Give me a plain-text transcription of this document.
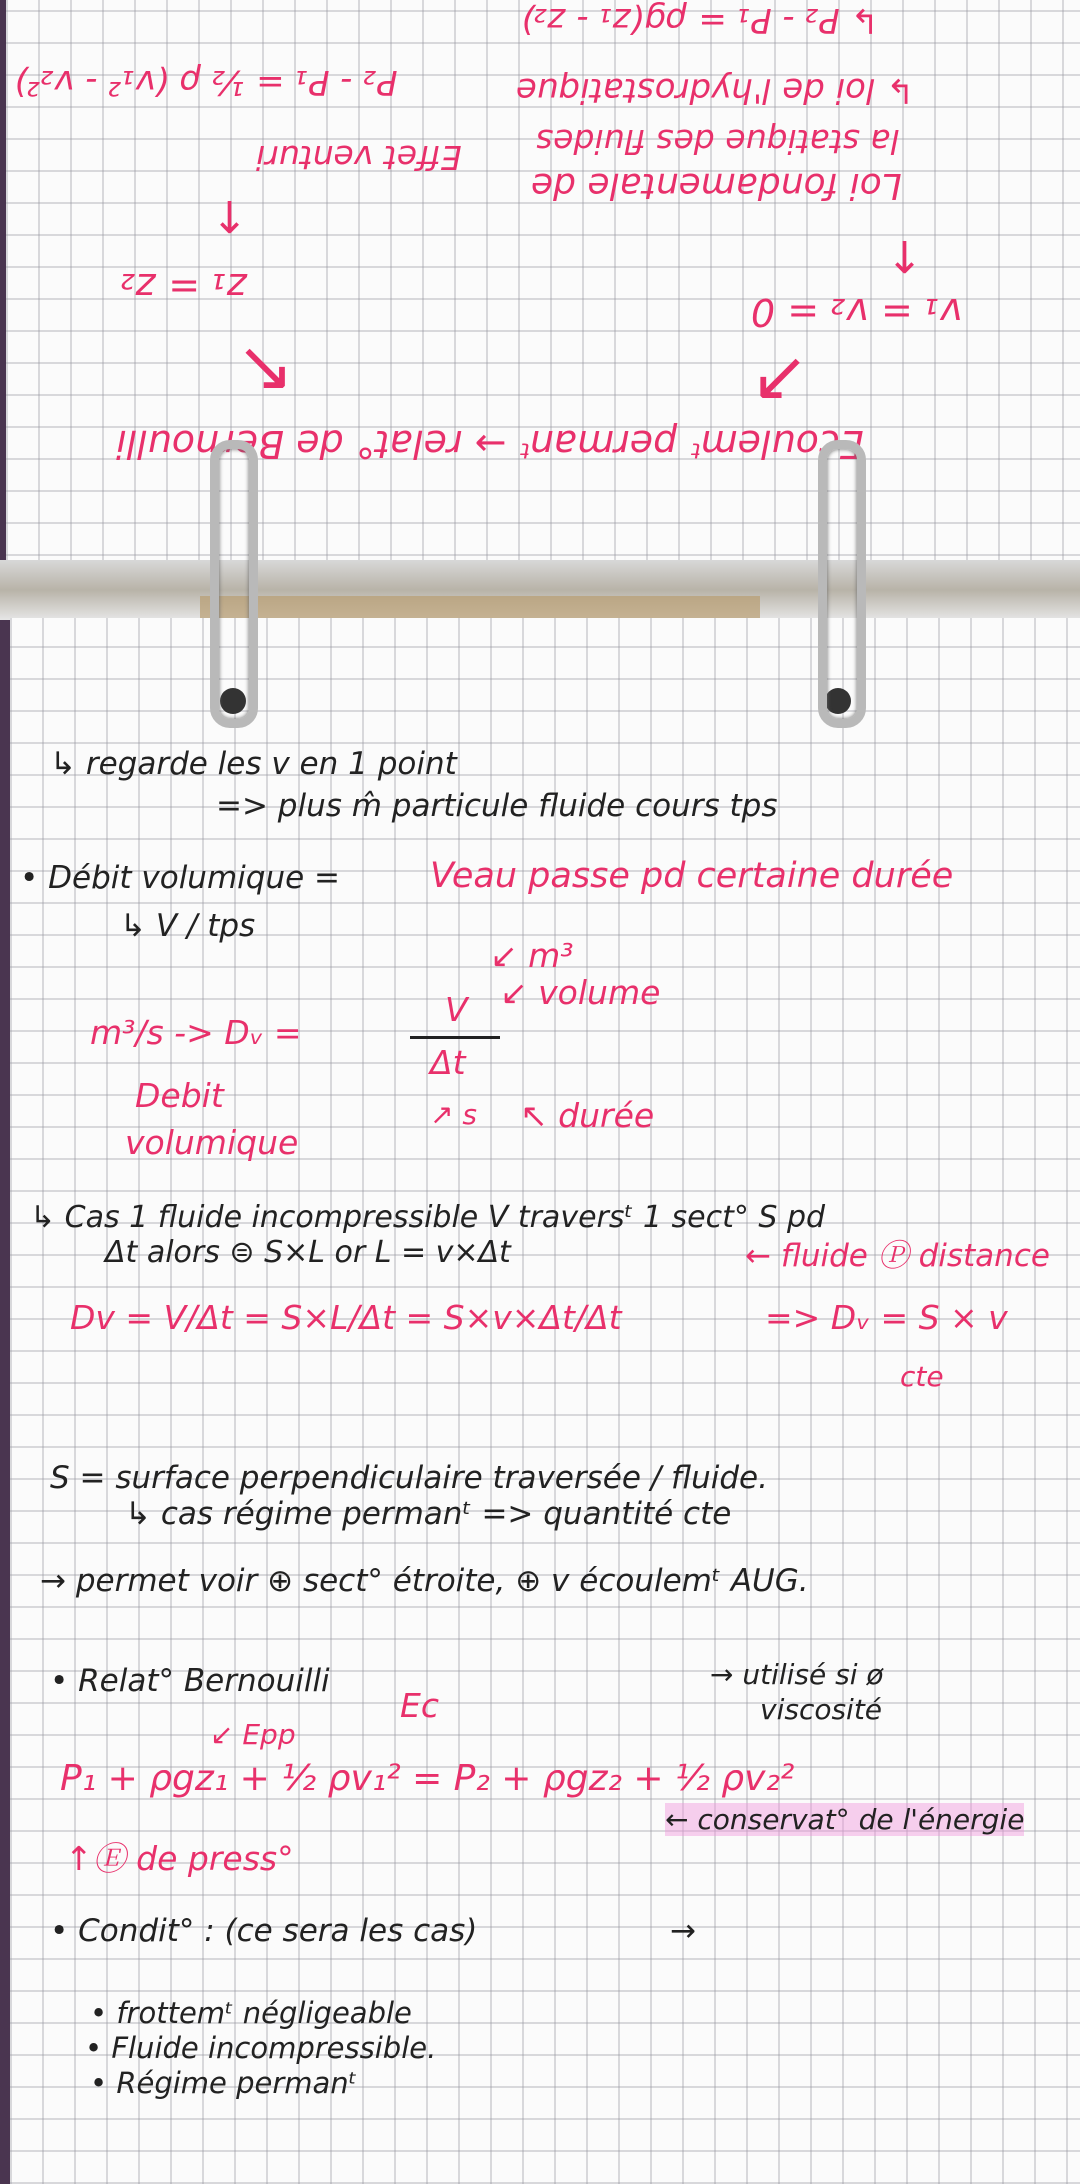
↳ P₂ - P₁ = ρg(z₁ - z₂)
↳ loi de l'hydrostatique
la statique des fluides
Loi fondamentale de
Effet venturi
P₂ - P₁ = ½ ρ (v₁² - v₂²)
↑
↑
z₁ = z₂
v₁ = v₂ = 0
↖	↗
Ecoulemᵗ permanᵗ → relat° de Bernoulli
↳ regarde les v en 1 point
=> plus m̂ particule fluide cours tps
• Débit volumique =	Veau passe pd certaine durée
↳ V / tps
↙ m³
↙ volume
m³/s -> Dᵥ =
V
Δt
↖ durée
↗ s
Debit
volumique
↳ Cas 1 fluide incompressible V traversᵗ 1 sect° S pd
Δt alors ⊜ S×L or L = v×Δt	← fluide Ⓟ distance
Dv = V/Δt = S×L/Δt = S×v×Δt/Δt	=> Dᵥ = S × v
cte
S = surface perpendiculaire traversée / fluide.
↳ cas régime permanᵗ => quantité cte
→ permet voir ⊕ sect° étroite, ⊕ v écoulemᵗ AUG.
• Relat° Bernouilli
Ec
↙ Epp
→ utilisé si ø
viscosité
P₁ + ρgz₁ + ½ ρv₁² = P₂ + ρgz₂ + ½ ρv₂²
← conservat° de l'énergie
↑Ⓔ de press°
• Condit° : (ce sera les cas)	→
• frottemᵗ négligeable
• Fluide incompressible.
• Régime permanᵗ
